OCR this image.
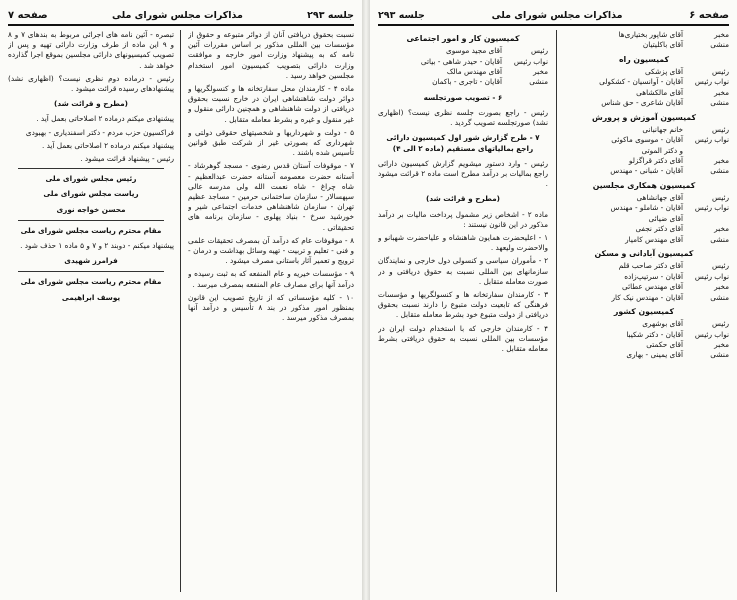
جلسه ۲۹۳
مذاکرات مجلس شورای ملی
صفحه ۷

نسبت بحقوق دریافتی آنان از دوائر متبوعه و حقوق از مؤسسات بین المللی مذکور بر اساس مقررات آئین نامه که به پیشنهاد وزارت امور خارجه و موافقت وزارت دارائی بتصویب کمیسیون امور استخدام مجلسین خواهد رسید .

ماده ۴ - کارمندان محل سفارتخانه ها و کنسولگریها و دوائر دولت شاهنشاهی ایران در خارج نسبت بحقوق دریافتی از دولت شاهنشاهی و همچنین دارائی منقول و غیر منقول و غیره و بشرط معامله متقابل .

۵ - دولت و شهرداریها و شخصیتهای حقوقی دولتی و شهرداری که بصورتی غیر از شرکت طبق قوانین تأسیس شده باشند .

۷ - موقوفات آستان قدس رضوی - مسجد گوهرشاد - آستانه حضرت معصومه آستانه حضرت عبدالعظیم - شاه چراغ - شاه نعمت الله ولی مدرسه عالی سپهسالار - سازمان ساختمانی حرمین - مساجد عظیم تهران - سازمان شاهنشاهی خدمات اجتماعی شیر و خورشید سرخ - بنیاد پهلوی - سازمان برنامه های تحقیقاتی .

۸ - موقوفات عام که درآمد آن بمصرف تحقیقات علمی و فنی - تعلیم و تربیت - تهیه وسائل بهداشت و درمان - ترویج و تعمیر آثار باستانی مصرف میشود .

۹ - مؤسسات خیریه و عام المنفعه که به ثبت رسیده و درآمد آنها برای مصارف عام المنفعه بمصرف میرسد .

۱۰ - کلیه مؤسساتی که از تاریخ تصویب این قانون بمنظور امور مذکور در بند ۸ تأسیس و درآمد آنها بمصرف مذکور میرسد .

تبصره - آئین نامه های اجرائی مربوط به بندهای ۷ و ۸ و ۹ این ماده از طرف وزارت دارائی تهیه و پس از تصویب کمیسیونهای دارائی مجلسین بموقع اجرا گذارده خواهد شد .

رئیس - درماده دوم نظری نیست؟ (اظهاری نشد) پیشنهادهای رسیده قرائت میشود .

(مطرح و قرائت شد)

پیشنهادی میکنم درماده ۲ اصلاحاتی بعمل آید .

فراکسیون حزب مردم - دکتر اسفندیاری - بهبودی

پیشنهاد میکنم درماده ۲ اصلاحاتی بعمل آید .

رئیس - پیشنهاد قرائت میشود .

رئیس مجلس شورای ملی
ریاست مجلس شورای ملی
محسن خواجه نوری
مقام محترم ریاست مجلس شورای ملی

پیشنهاد میکنم - دوبند ۲ و ۷ و ۵ ماده ۱ حذف شود .

فرامرز شهیدی
مقام محترم ریاست مجلس شورای ملی
یوسف ابراهیمی
صفحه ۶
مذاکرات مجلس شورای ملی
جلسه ۲۹۳
مخبر
آقای شاپور بختیاری‌ها
منشی
آقای باکلیتیان
کمیسیون راه
رئیس
آقای پزشکی
نواب رئیس
آقایان - آوانسیان - کشکولی
مخبر
آقای مالکشاهی
منشی
آقایان شاعری - حق شناس
کمیسیون آموزش و پرورش
رئیس
خانم جهانبانی
نواب رئیس
آقایان - موسوی ماکوئی
و دکتر الموتی
مخبر
آقای دکتر قراگزلو
منشی
آقایان - شبانی - مهندس
کمیسیون همکاری مجلسین
رئیس
آقای جهانشاهی
نواب رئیس
آقایان - شاملو - مهندس
آقای ضیائی
مخبر
آقای دکتر نجفی
منشی
آقای مهندس کامیار
کمیسیون آبادانی و مسکن
رئیس
آقای دکتر صاحب قلم
نواب رئیس
آقایان - سرتیپ‌زاده
مخبر
آقای مهندس عطائی
منشی
آقایان - مهندس نیک کار
کمیسیون کشور
رئیس
آقای بوشهری
نواب رئیس
آقایان - دکتر شکیبا
مخبر
آقای حکمتی
منشی
آقای یمینی - بهاری
کمیسیون کار و امور اجتماعی
رئیس
آقای مجید موسوی
نواب رئیس
آقایان - حیدر شاهی - بیاتی
مخبر
آقای مهندس مالک
منشی
آقایان - تاجری - باکمان
۶ - تصویب صورتجلسه

رئیس - راجع بصورت جلسه نظری نیست؟ (اظهاری نشد) صورتجلسه تصویب گردید .

۷ - طرح گزارش شور اول کمیسیون دارائی راجع بمالیاتهای مستقیم (ماده ۲ الی ۴)

رئیس - وارد دستور میشویم گزارش کمیسیون دارائی راجع بمالیات بر درآمد مطرح است ماده ۲ قرائت میشود .

(مطرح و قرائت شد)

ماده ۲ - اشخاص زیر مشمول پرداخت مالیات بر درآمد مذکور در این قانون نیستند :

۱ - اعلیحضرت همایون شاهنشاه و علیاحضرت شهبانو و والاحضرت ولیعهد .

۲ - مأموران سیاسی و کنسولی دول خارجی و نمایندگان سازمانهای بین المللی نسبت به حقوق دریافتی و در صورت معامله متقابل .

۳ - کارمندان سفارتخانه ها و کنسولگریها و مؤسسات فرهنگی که تابعیت دولت متبوع را دارند نسبت بحقوق دریافتی از دولت متبوع خود بشرط معامله متقابل .

۴ - کارمندان خارجی که با استخدام دولت ایران در مؤسسات بین المللی نسبت به حقوق دریافتی بشرط معامله متقابل .
